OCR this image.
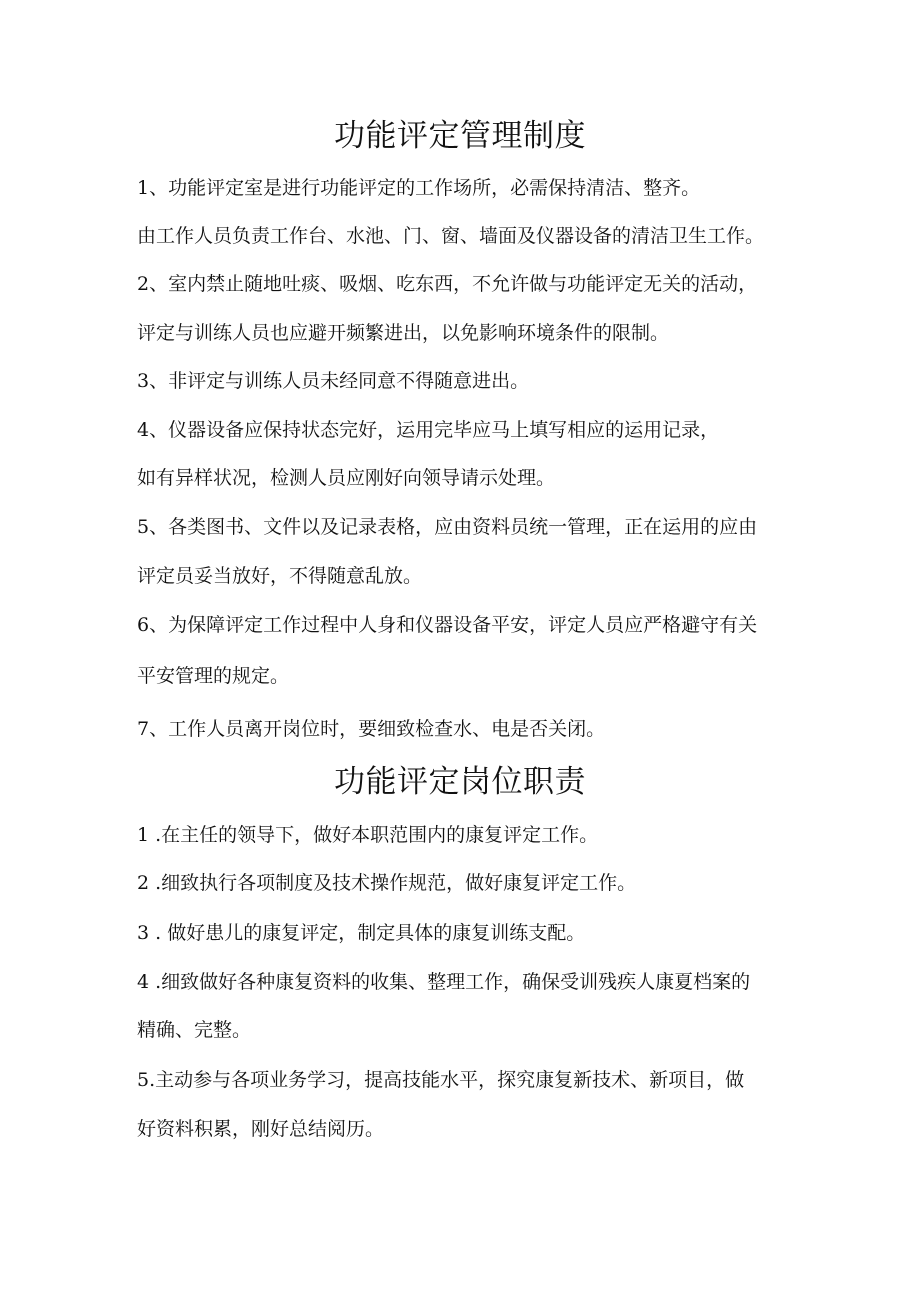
功能评定管理制度

1、功能评定室是进行功能评定的工作场所，必需保持清洁、整齐。

由工作人员负责工作台、水池、门、窗、墙面及仪器设备的清洁卫生工作。

2、室内禁止随地吐痰、吸烟、吃东西，不允许做与功能评定无关的活动，

评定与训练人员也应避开频繁进出，以免影响环境条件的限制。

3、非评定与训练人员未经同意不得随意进出。

4、仪器设备应保持状态完好，运用完毕应马上填写相应的运用记录，

如有异样状况，检测人员应刚好向领导请示处理。

5、各类图书、文件以及记录表格，应由资料员统一管理，正在运用的应由

评定员妥当放好，不得随意乱放。

6、为保障评定工作过程中人身和仪器设备平安，评定人员应严格避守有关

平安管理的规定。

7、工作人员离开岗位时，要细致检查水、电是否关闭。

功能评定岗位职责

1 .在主任的领导下，做好本职范围内的康复评定工作。

2 .细致执行各项制度及技术操作规范，做好康复评定工作。

3 . 做好患儿的康复评定，制定具体的康复训练支配。

4 .细致做好各种康复资料的收集、整理工作，确保受训残疾人康夏档案的

精确、完整。

5.主动参与各项业务学习，提高技能水平，探究康复新技术、新项目，做

好资料积累，刚好总结阅历。
